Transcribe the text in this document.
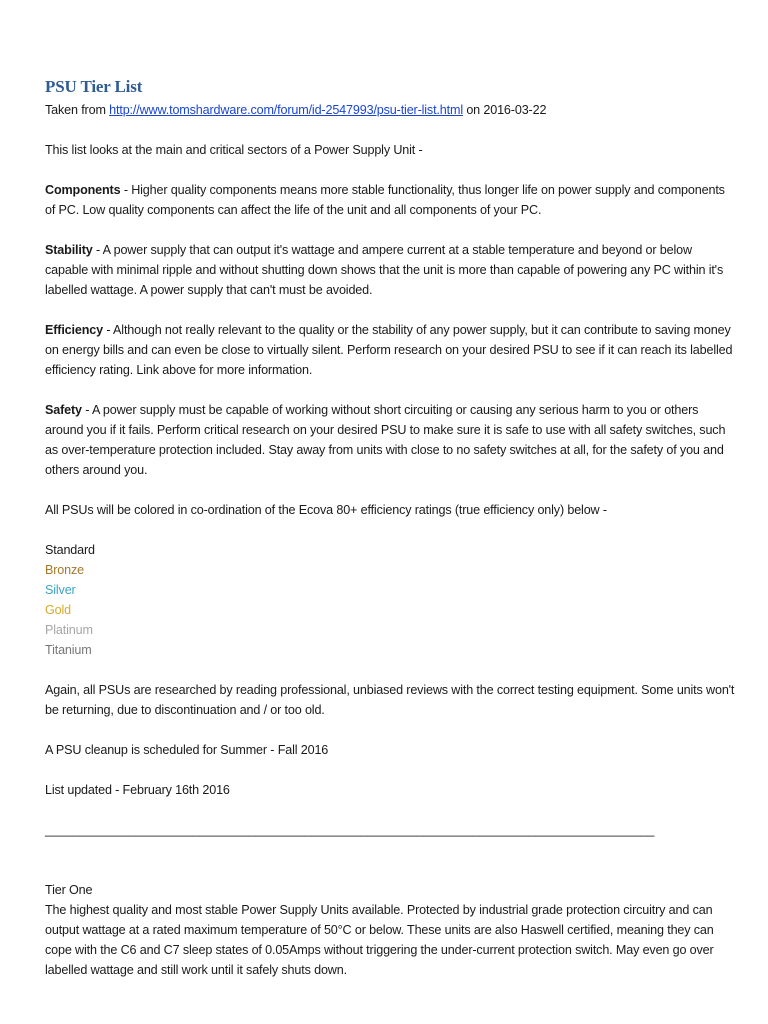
PSU Tier List

Taken from http://www.tomshardware.com/forum/id-2547993/psu-tier-list.html on 2016-03-22

This list looks at the main and critical sectors of a Power Supply Unit -

Components - Higher quality components means more stable functionality, thus longer life on power supply and components of PC. Low quality components can affect the life of the unit and all components of your PC.

Stability - A power supply that can output it's wattage and ampere current at a stable temperature and beyond or below capable with minimal ripple and without shutting down shows that the unit is more than capable of powering any PC within it's labelled wattage. A power supply that can't must be avoided.

Efficiency - Although not really relevant to the quality or the stability of any power supply, but it can contribute to saving money on energy bills and can even be close to virtually silent. Perform research on your desired PSU to see if it can reach its labelled efficiency rating. Link above for more information.

Safety - A power supply must be capable of working without short circuiting or causing any serious harm to you or others around you if it fails. Perform critical research on your desired PSU to make sure it is safe to use with all safety switches, such as over-temperature protection included. Stay away from units with close to no safety switches at all, for the safety of you and others around you.

All PSUs will be colored in co-ordination of the Ecova 80+ efficiency ratings (true efficiency only) below -

Standard

Bronze

Silver

Gold

Platinum

Titanium

Again, all PSUs are researched by reading professional, unbiased reviews with the correct testing equipment. Some units won't be returning, due to discontinuation and / or too old.

A PSU cleanup is scheduled for Summer - Fall 2016

List updated - February 16th 2016

_______________________________________________________________________________________

Tier One

The highest quality and most stable Power Supply Units available. Protected by industrial grade protection circuitry and can output wattage at a rated maximum temperature of 50°C or below. These units are also Haswell certified, meaning they can cope with the C6 and C7 sleep states of 0.05Amps without triggering the under-current protection switch. May even go over labelled wattage and still work until it safely shuts down.
